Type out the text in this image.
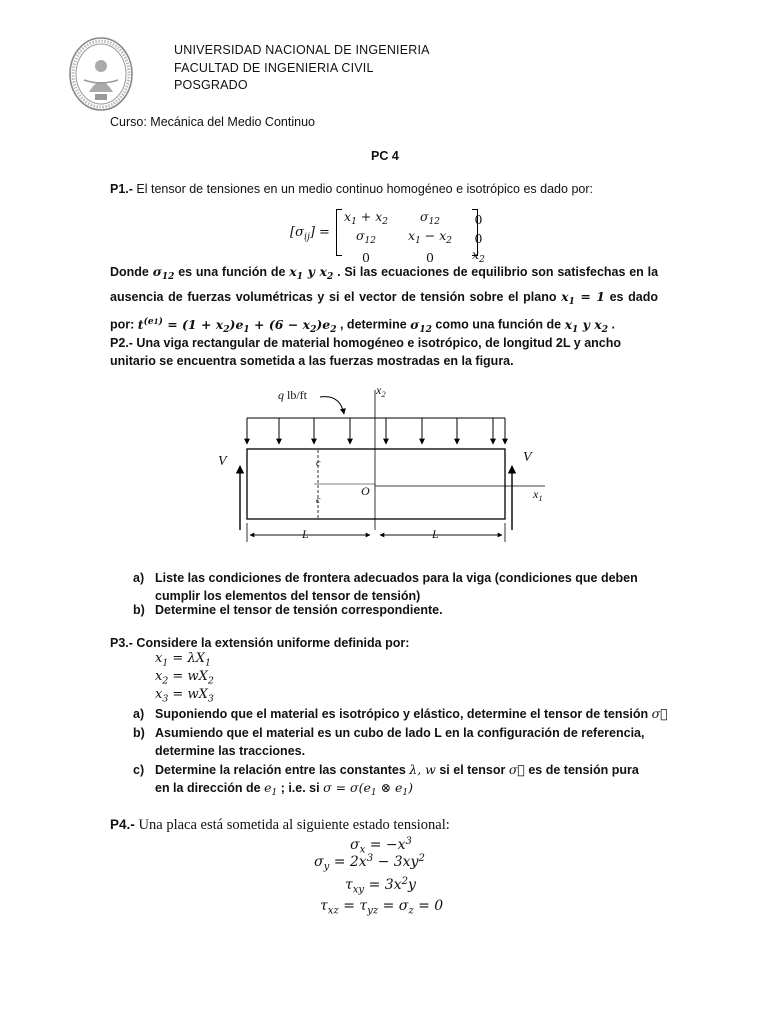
UNIVERSIDAD NACIONAL DE INGENIERIA
FACULTAD DE INGENIERIA CIVIL
POSGRADO
Curso: Mecánica del Medio Continuo
PC 4
P1.- El tensor de tensiones en un medio continuo homogéneo e isotrópico es dado por:
$[\sigma_{ij}]$ =
$x_1 + x_2$	$\sigma_{12}$	0
$\sigma_{12}$	$x_1 - x_2$	0
0	0	$x_2$
Donde $\sigma_{12}$ es una función de $x_1$ y $x_2$ . Si las ecuaciones de equilibrio son satisfechas en la ausencia de fuerzas volumétricas y si el vector de tensión sobre el plano $x_1 = 1$ es dado por: $t^{(e1)} = (1 + x_2)e_1 + (6 - x_2)e_2$ , determine $\sigma_{12}$ como una función de $x_1$ y $x_2$ .
P2.- Una viga rectangular de material homogéneo e isotrópico, de longitud 2L y ancho unitario se encuentra sometida a las fuerzas mostradas en la figura.
q lb/ft	$x_2$
$x_1$
O
V	V
c
c
L	L
a) Liste las condiciones de frontera adecuados para la viga (condiciones que deben cumplir los elementos del tensor de tensión)
b) Determine el tensor de tensión correspondiente.
P3.- Considere la extensión uniforme definida por:
$x_1 = \lambda X_1$
$x_2 = wX_2$
$x_3 = wX_3$
a) Suponiendo que el material es isotrópico y elástico, determine el tensor de tensión σ⃡
b) Asumiendo que el material es un cubo de lado L en la configuración de referencia, determine las tracciones.
c) Determine la relación entre las constantes λ, w si el tensor σ⃡ es de tensión pura en la dirección de $e_1$ ; i.e. si $\sigma = \sigma(e_1$ ⊗ $e_1$)
P4.- Una placa está sometida al siguiente estado tensional:
$\sigma_x = -x^3$
$\sigma_y = 2x^3 - 3xy^2$
$\tau_{xy} = 3x^2y$
$\tau_{xz} = \tau_{yz} = \sigma_z = 0$
